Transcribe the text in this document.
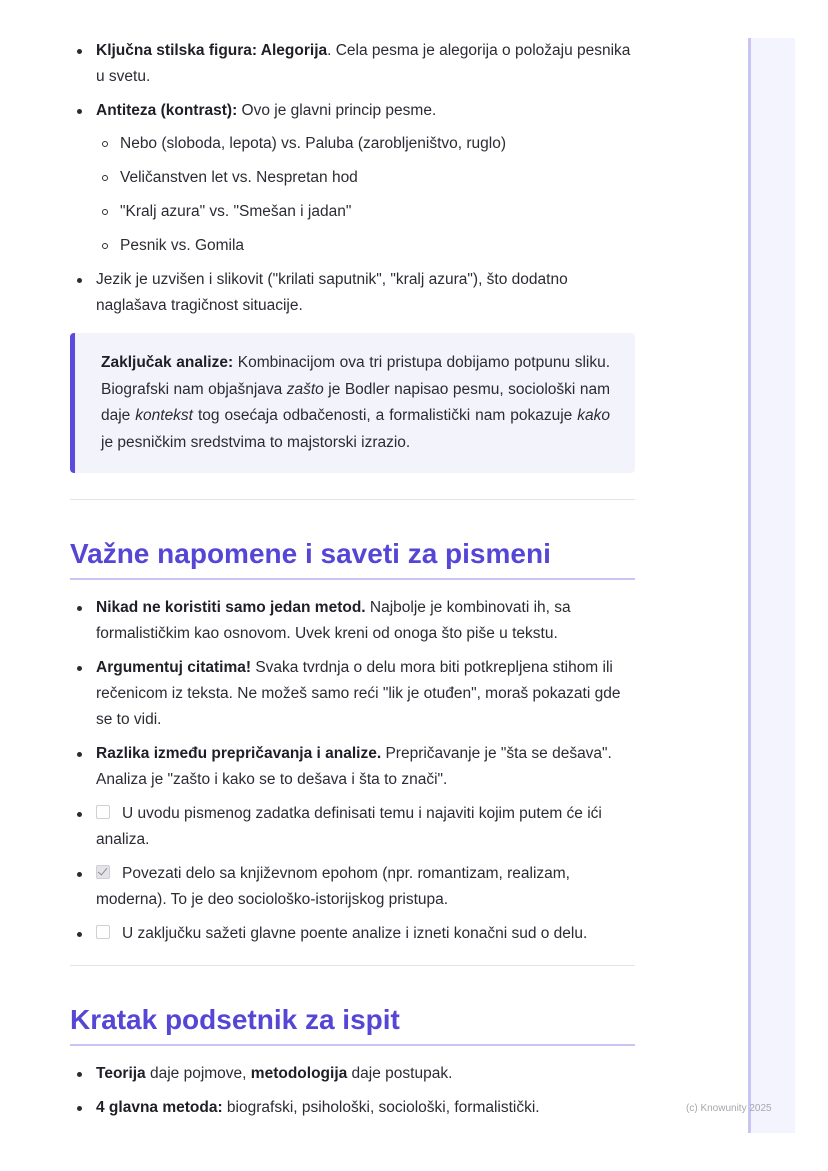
(c) Knowunity 2025
Ključna stilska figura: Alegorija. Cela pesma je alegorija o položaju pesnika u svetu.
Antiteza (kontrast): Ovo je glavni princip pesme.
Nebo (sloboda, lepota) vs. Paluba (zarobljeništvo, ruglo)
Veličanstven let vs. Nespretan hod
"Kralj azura" vs. "Smešan i jadan"
Pesnik vs. Gomila
Jezik je uzvišen i slikovit ("krilati saputnik", "kralj azura"), što dodatno naglašava tragičnost situacije.
Zaključak analize: Kombinacijom ova tri pristupa dobijamo potpunu sliku. Biografski nam objašnjava zašto je Bodler napisao pesmu, sociološki nam daje kontekst tog osećaja odbačenosti, a formalistički nam pokazuje kako je pesničkim sredstvima to majstorski izrazio.
Važne napomene i saveti za pismeni
Nikad ne koristiti samo jedan metod. Najbolje je kombinovati ih, sa formalističkim kao osnovom. Uvek kreni od onoga što piše u tekstu.
Argumentuj citatima! Svaka tvrdnja o delu mora biti potkrepljena stihom ili rečenicom iz teksta. Ne možeš samo reći "lik je otuđen", moraš pokazati gde se to vidi.
Razlika između prepričavanja i analize. Prepričavanje je "šta se dešava". Analiza je "zašto i kako se to dešava i šta to znači".
U uvodu pismenog zadatka definisati temu i najaviti kojim putem će ići analiza.
Povezati delo sa književnom epohom (npr. romantizam, realizam, moderna). To je deo sociološko-istorijskog pristupa.
U zaključku sažeti glavne poente analize i izneti konačni sud o delu.
Kratak podsetnik za ispit
Teorija daje pojmove, metodologija daje postupak.
4 glavna metoda: biografski, psihološki, sociološki, formalistički.
